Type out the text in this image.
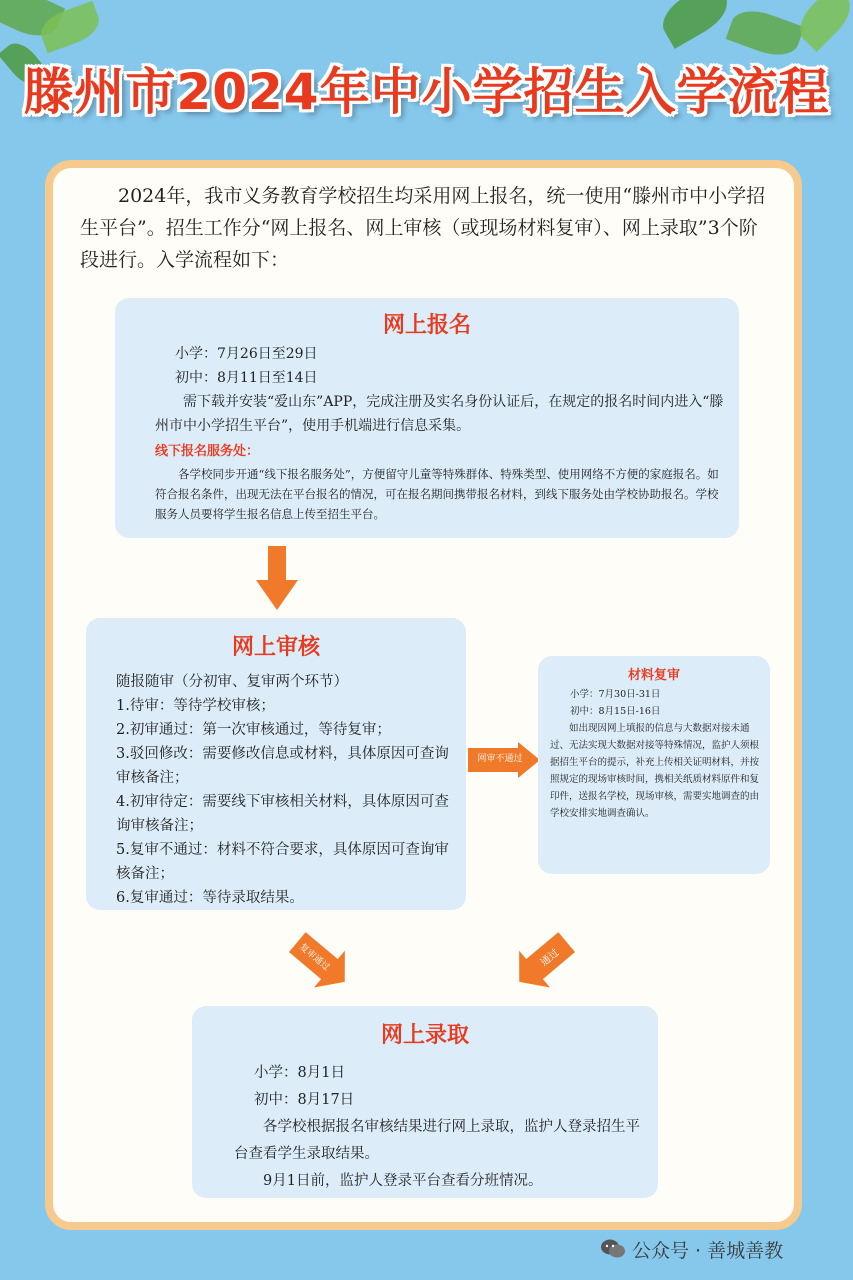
滕州市2024年中小学招生入学流程

2024年，我市义务教育学校招生均采用网上报名，统一使用“滕州市中小学招生平台”。招生工作分“网上报名、网上审核（或现场材料复审）、网上录取”3个阶段进行。入学流程如下：

网上报名
小学：7月26日至29日
初中：8月11日至14日
需下载并安装“爱山东”APP，完成注册及实名身份认证后，在规定的报名时间内进入“滕州市中小学招生平台”，使用手机端进行信息采集。
线下报名服务处：
各学校同步开通“线下报名服务处”，方便留守儿童等特殊群体、特殊类型、使用网络不方便的家庭报名。如符合报名条件，出现无法在平台报名的情况，可在报名期间携带报名材料，到线下服务处由学校协助报名。学校服务人员要将学生报名信息上传至招生平台。
网上审核
随报随审（分初审、复审两个环节）
1.待审：等待学校审核；
2.初审通过：第一次审核通过，等待复审；
3.驳回修改：需要修改信息或材料，具体原因可查询审核备注；
4.初审待定：需要线下审核相关材料，具体原因可查询审核备注；
5.复审不通过：材料不符合要求，具体原因可查询审核备注；
6.复审通过：等待录取结果。
网审不通过
材料复审
小学：7月30日-31日
初中：8月15日-16日
如出现因网上填报的信息与大数据对接未通过、无法实现大数据对接等特殊情况，监护人须根据招生平台的提示，补充上传相关证明材料，并按照规定的现场审核时间，携相关纸质材料原件和复印件，送报名学校，现场审核，需要实地调查的由学校安排实地调查确认。
复审通过	通过
网上录取
小学：8月1日
初中：8月17日
各学校根据报名审核结果进行网上录取，监护人登录招生平台查看学生录取结果。
9月1日前，监护人登录平台查看分班情况。
公众号 · 善城善教
